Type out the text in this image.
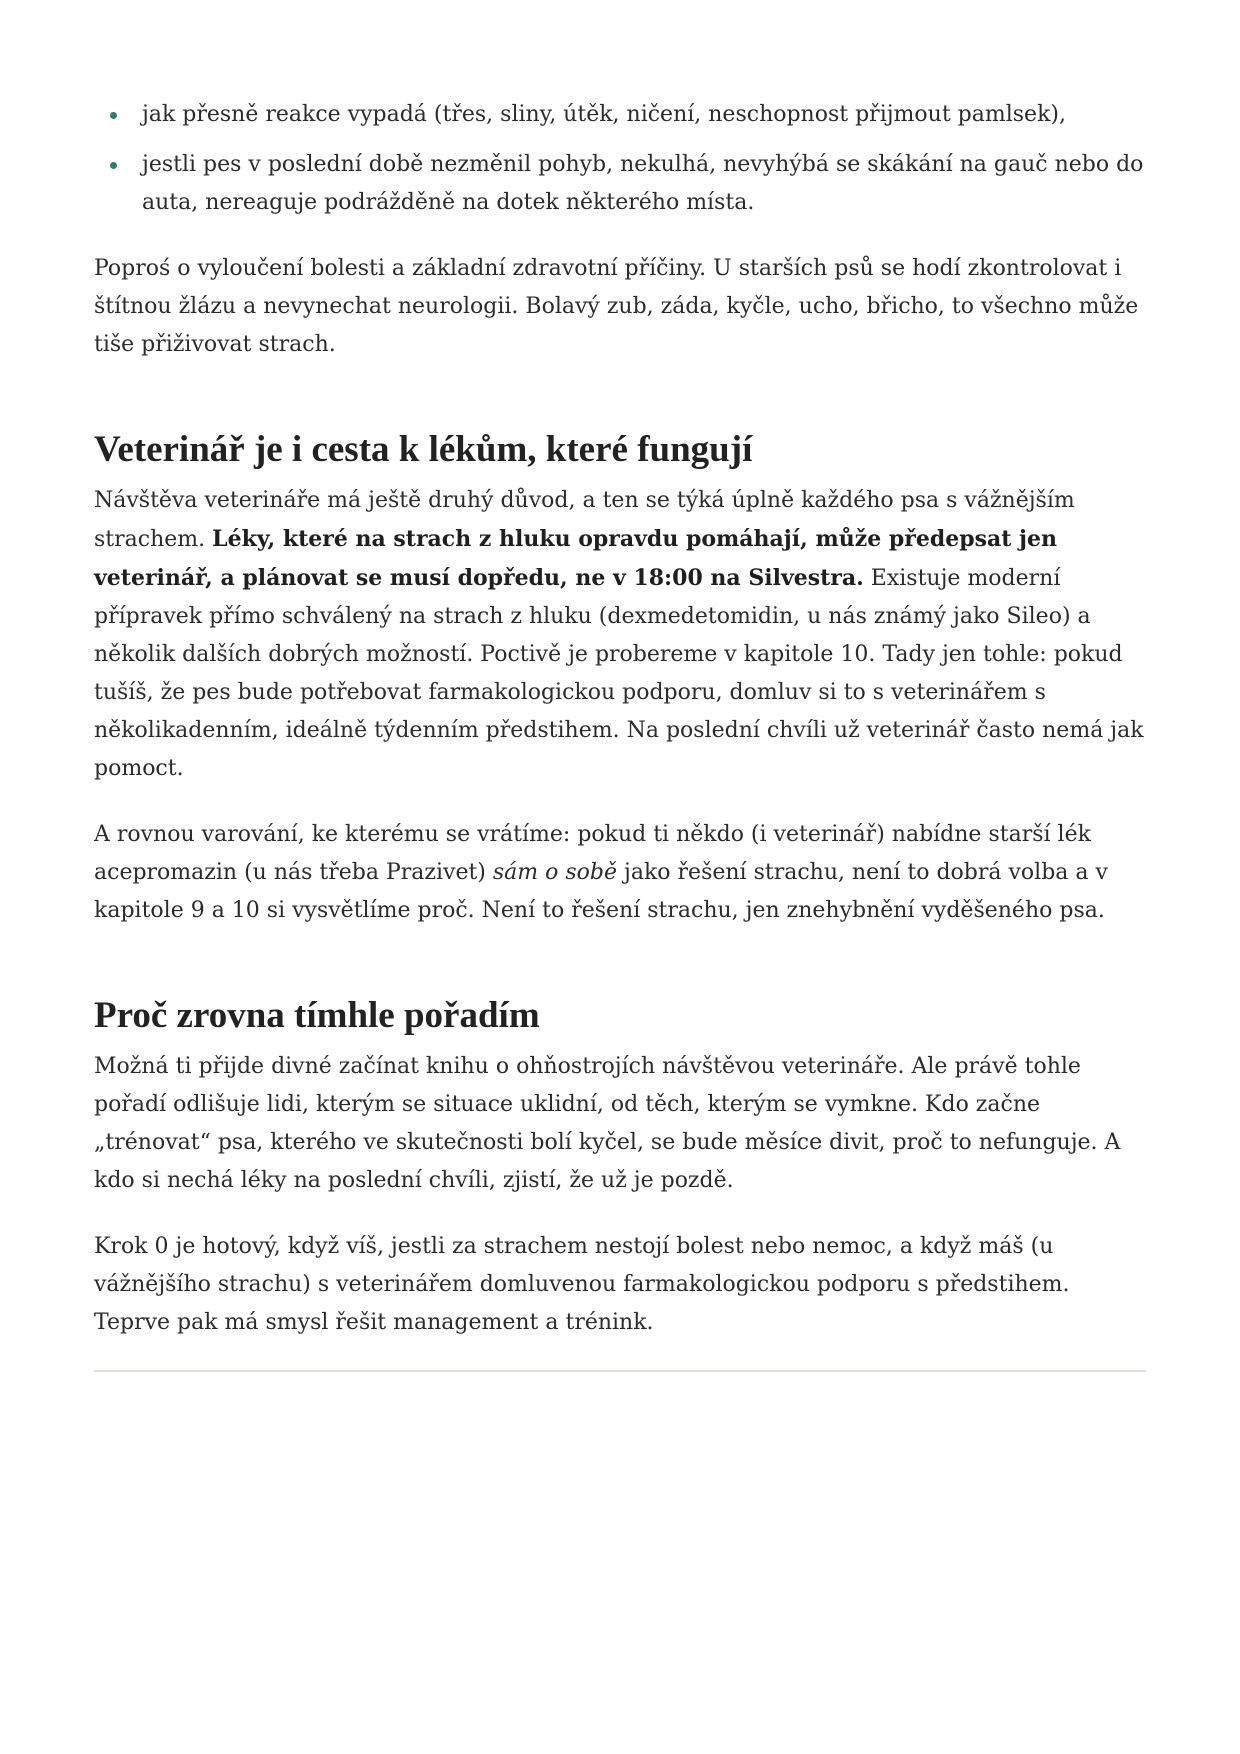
jak přesně reakce vypadá (třes, sliny, útěk, ničení, neschopnost přijmout pamlsek),
jestli pes v poslední době nezměnil pohyb, nekulhá, nevyhýbá se skákání na gauč nebo do auta, nereaguje podrážděně na dotek některého místa.

Poproś o vyloučení bolesti a základní zdravotní příčiny. U starších psů se hodí zkontrolovat i štítnou žlázu a nevynechat neurologii. Bolavý zub, záda, kyčle, ucho, břicho, to všechno může tiše přiživovat strach.

Veterinář je i cesta k lékům, které fungují

Návštěva veterináře má ještě druhý důvod, a ten se týká úplně každého psa s vážnějším strachem. Léky, které na strach z hluku opravdu pomáhají, může předepsat jen veterinář, a plánovat se musí dopředu, ne v 18:00 na Silvestra. Existuje moderní přípravek přímo schválený na strach z hluku (dexmedetomidin, u nás známý jako Sileo) a několik dalších dobrých možností. Poctivě je probereme v kapitole 10. Tady jen tohle: pokud tušíš, že pes bude potřebovat farmakologickou podporu, domluv si to s veterinářem s několikadenním, ideálně týdenním předstihem. Na poslední chvíli už veterinář často nemá jak pomoct.

A rovnou varování, ke kterému se vrátíme: pokud ti někdo (i veterinář) nabídne starší lék acepromazin (u nás třeba Prazivet) sám o sobě jako řešení strachu, není to dobrá volba a v kapitole 9 a 10 si vysvětlíme proč. Není to řešení strachu, jen znehybnění vyděšeného psa.

Proč zrovna tímhle pořadím

Možná ti přijde divné začínat knihu o ohňostrojích návštěvou veterináře. Ale právě tohle pořadí odlišuje lidi, kterým se situace uklidní, od těch, kterým se vymkne. Kdo začne „trénovat“ psa, kterého ve skutečnosti bolí kyčel, se bude měsíce divit, proč to nefunguje. A kdo si nechá léky na poslední chvíli, zjistí, že už je pozdě.

Krok 0 je hotový, když víš, jestli za strachem nestojí bolest nebo nemoc, a když máš (u vážnějšího strachu) s veterinářem domluvenou farmakologickou podporu s předstihem. Teprve pak má smysl řešit management a trénink.
